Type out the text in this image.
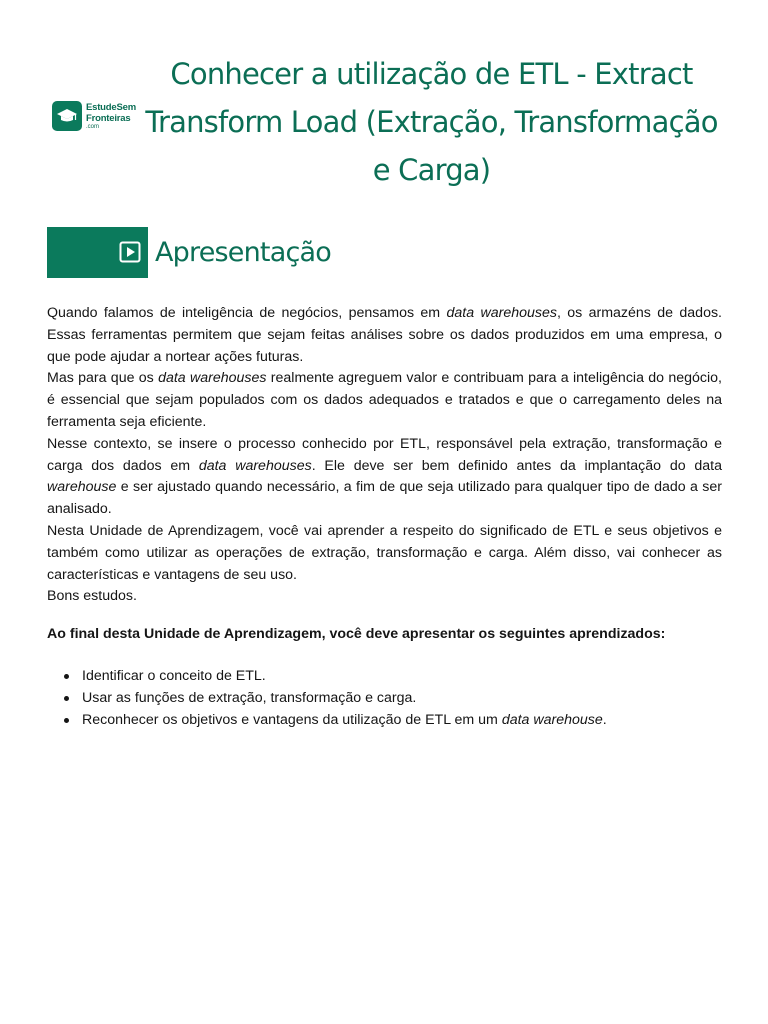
EstudeSem
Fronteiras
.com
Conhecer a utilização de ETL - Extract Transform Load (Extração, Transformação e Carga)
Apresentação

Quando falamos de inteligência de negócios, pensamos em data warehouses, os armazéns de dados. Essas ferramentas permitem que sejam feitas análises sobre os dados produzidos em uma empresa, o que pode ajudar a nortear ações futuras.

Mas para que os data warehouses realmente agreguem valor e contribuam para a inteligência do negócio, é essencial que sejam populados com os dados adequados e tratados e que o carregamento deles na ferramenta seja eficiente.

Nesse contexto, se insere o processo conhecido por ETL, responsável pela extração, transformação e carga dos dados em data warehouses. Ele deve ser bem definido antes da implantação do data warehouse e ser ajustado quando necessário, a fim de que seja utilizado para qualquer tipo de dado a ser analisado.

Nesta Unidade de Aprendizagem, você vai aprender a respeito do significado de ETL e seus objetivos e também como utilizar as operações de extração, transformação e carga. Além disso, vai conhecer as características e vantagens de seu uso.

Bons estudos.

Ao final desta Unidade de Aprendizagem, você deve apresentar os seguintes aprendizados:

Identificar o conceito de ETL.
Usar as funções de extração, transformação e carga.
Reconhecer os objetivos e vantagens da utilização de ETL em um data warehouse.
